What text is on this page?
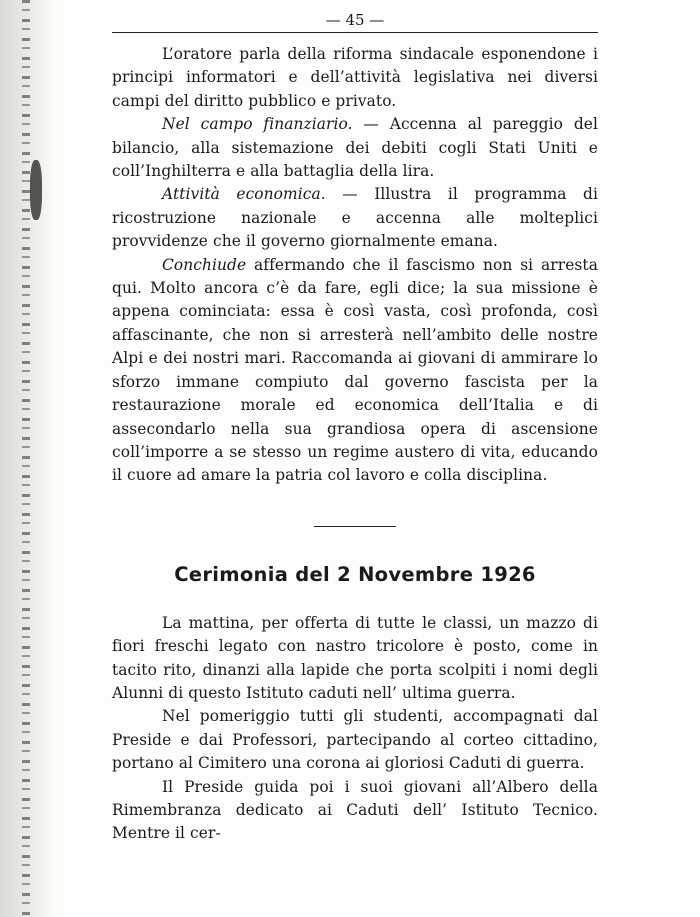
— 45 —

L’oratore parla della riforma sindacale esponendone i principi informatori e dell’attività legislativa nei diversi campi del diritto pubblico e privato.

Nel campo finanziario. — Accenna al pareggio del bilancio, alla sistemazione dei debiti cogli Stati Uniti e coll’Inghilterra e alla battaglia della lira.

Attività economica. — Illustra il programma di ricostruzione nazionale e accenna alle molteplici provvidenze che il governo giornalmente emana.

Conchiude affermando che il fascismo non si arresta qui. Molto ancora c’è da fare, egli dice; la sua missione è appena cominciata: essa è così vasta, così profonda, così affascinante, che non si arresterà nell’ambito delle nostre Alpi e dei nostri mari. Raccomanda ai giovani di ammirare lo sforzo immane compiuto dal governo fascista per la restaurazione morale ed economica dell’Italia e di assecondarlo nella sua grandiosa opera di ascensione coll’imporre a se stesso un regime austero di vita, educando il cuore ad amare la patria col lavoro e colla disciplina.

Cerimonia del 2 Novembre 1926

La mattina, per offerta di tutte le classi, un mazzo di fiori freschi legato con nastro tricolore è posto, come in tacito rito, dinanzi alla lapide che porta scolpiti i nomi degli Alunni di questo Istituto caduti nell’ ultima guerra.

Nel pomeriggio tutti gli studenti, accompagnati dal Preside e dai Professori, partecipando al corteo cittadino, portano al Cimitero una corona ai gloriosi Caduti di guerra.

Il Preside guida poi i suoi giovani all’Albero della Rimembranza dedicato ai Caduti dell’ Istituto Tecnico. Mentre il cer-
